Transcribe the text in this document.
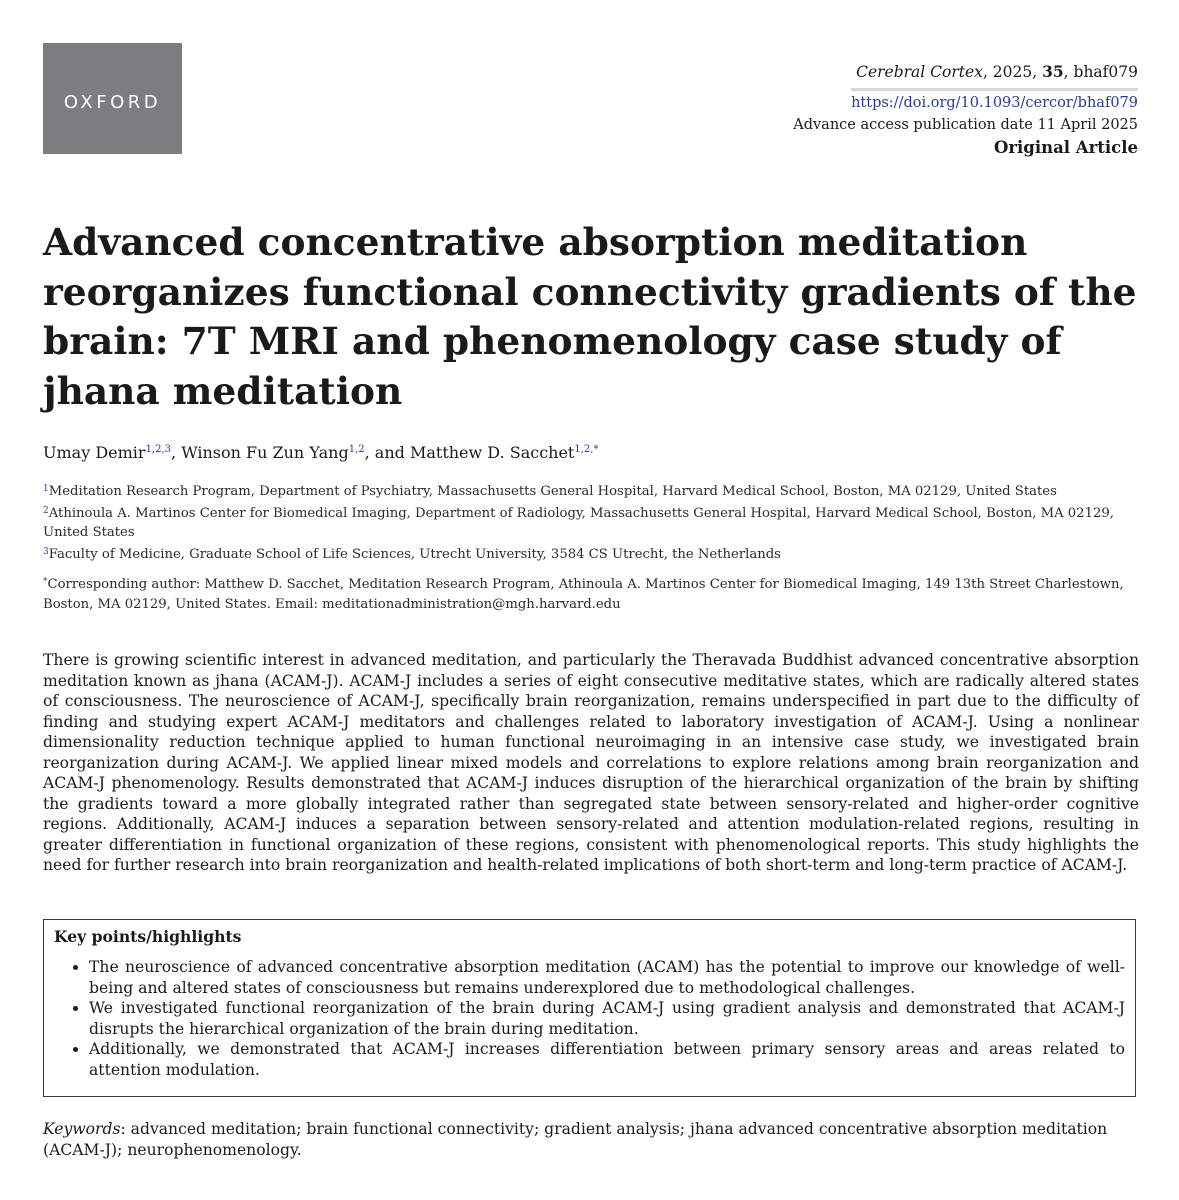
OXFORD
Cerebral Cortex, 2025, 35, bhaf079
https://doi.org/10.1093/cercor/bhaf079
Advance access publication date 11 April 2025
Original Article
Advanced concentrative absorption meditation reorganizes functional connectivity gradients of the brain: 7T MRI and phenomenology case study of jhana meditation
Umay Demir$^{1,2,3}$, Winson Fu Zun Yang$^{1,2}$, and Matthew D. Sacchet$^{1,2,*}$
$^1$Meditation Research Program, Department of Psychiatry, Massachusetts General Hospital, Harvard Medical School, Boston, MA 02129, United States
$^2$Athinoula A. Martinos Center for Biomedical Imaging, Department of Radiology, Massachusetts General Hospital, Harvard Medical School, Boston, MA 02129, United States
$^3$Faculty of Medicine, Graduate School of Life Sciences, Utrecht University, 3584 CS Utrecht, the Netherlands
*Corresponding author: Matthew D. Sacchet, Meditation Research Program, Athinoula A. Martinos Center for Biomedical Imaging, 149 13th Street Charlestown, Boston, MA 02129, United States. Email: meditationadministration@mgh.harvard.edu

There is growing scientific interest in advanced meditation, and particularly the Theravada Buddhist advanced concentrative absorption meditation known as jhana (ACAM-J). ACAM-J includes a series of eight consecutive meditative states, which are radically altered states of consciousness. The neuroscience of ACAM-J, specifically brain reorganization, remains underspecified in part due to the difficulty of finding and studying expert ACAM-J meditators and challenges related to laboratory investigation of ACAM-J. Using a nonlinear dimensionality reduction technique applied to human functional neuroimaging in an intensive case study, we investigated brain reorganization during ACAM-J. We applied linear mixed models and correlations to explore relations among brain reorganization and ACAM-J phenomenology. Results demonstrated that ACAM-J induces disruption of the hierarchical organization of the brain by shifting the gradients toward a more globally integrated rather than segregated state between sensory-related and higher-order cognitive regions. Additionally, ACAM-J induces a separation between sensory-related and attention modulation-related regions, resulting in greater differentiation in functional organization of these regions, consistent with phenomenological reports. This study highlights the need for further research into brain reorganization and health-related implications of both short-term and long-term practice of ACAM-J.

Key points/highlights
• The neuroscience of advanced concentrative absorption meditation (ACAM) has the potential to improve our knowledge of well-being and altered states of consciousness but remains underexplored due to methodological challenges.
• We investigated functional reorganization of the brain during ACAM-J using gradient analysis and demonstrated that ACAM-J disrupts the hierarchical organization of the brain during meditation.
• Additionally, we demonstrated that ACAM-J increases differentiation between primary sensory areas and areas related to attention modulation.

Keywords: advanced meditation; brain functional connectivity; gradient analysis; jhana advanced concentrative absorption meditation (ACAM-J); neurophenomenology.
